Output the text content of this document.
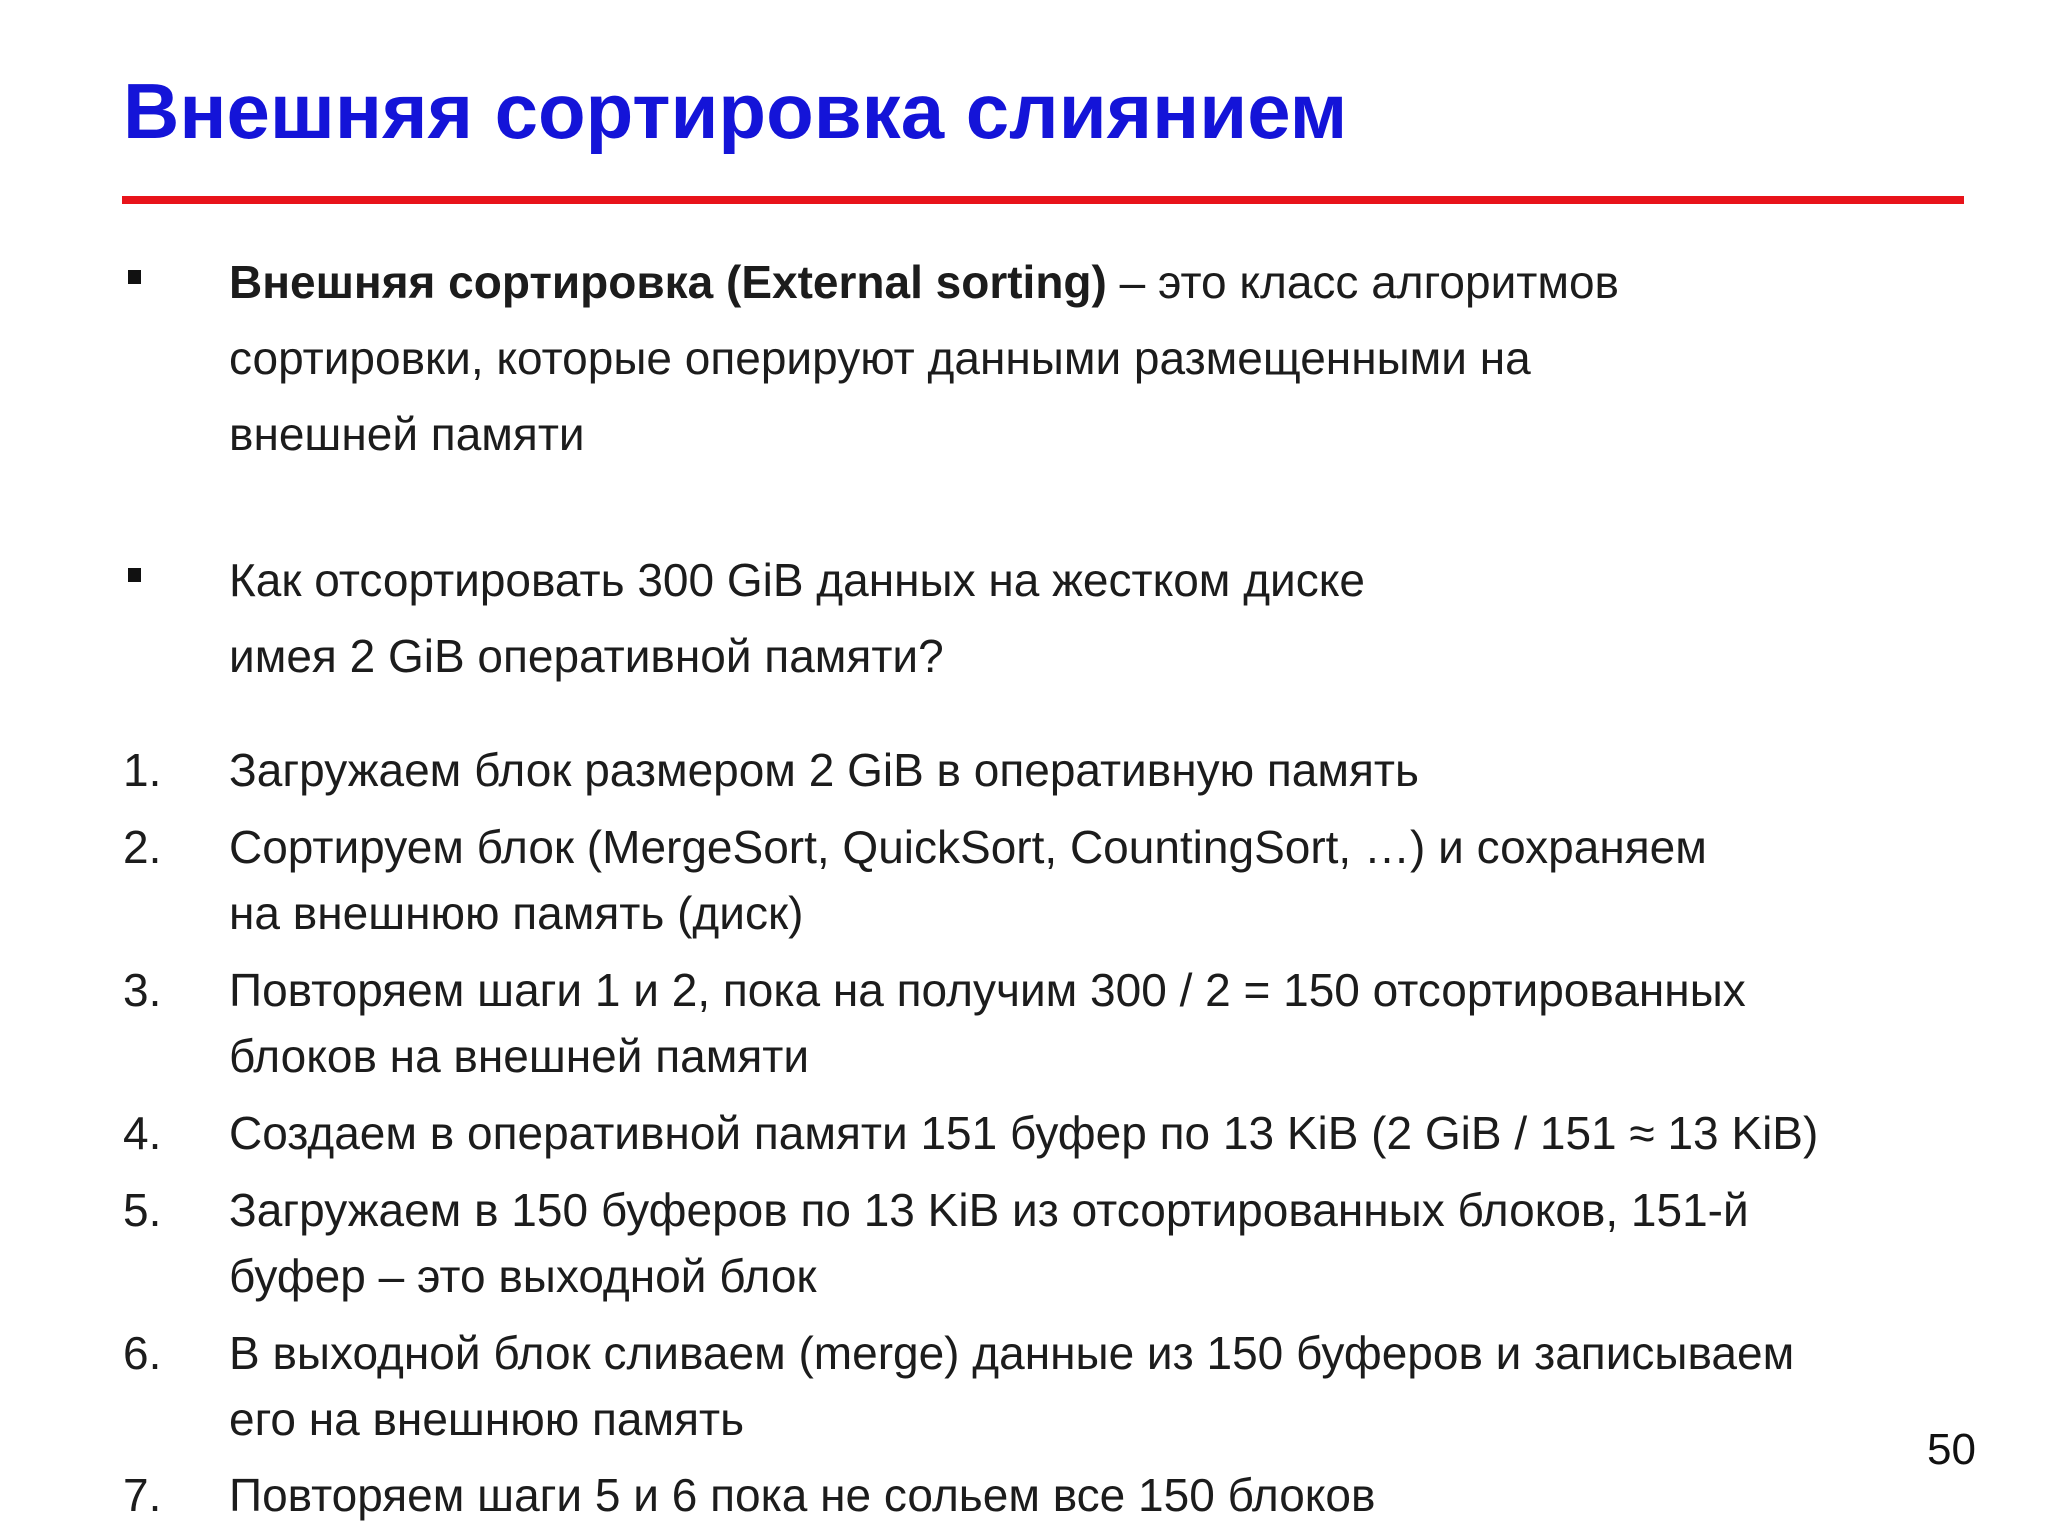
Внешняя сортировка слиянием
Внешняя сортировка (External sorting) – это класс алгоритмов
сортировки, которые оперируют данными размещенными на
внешней памяти
Как отсортировать 300 GiB данных на жестком диске
имея 2 GiB оперативной памяти?
1. Загружаем блок размером 2 GiB в оперативную память
2. Сортируем блок (MergeSort, QuickSort, CountingSort, …) и сохраняем
на внешнюю память (диск)
3. Повторяем шаги 1 и 2, пока на получим 300 / 2 = 150 отсортированных
блоков на внешней памяти
4. Создаем в оперативной памяти 151 буфер по 13 KiB (2 GiB / 151 ≈ 13 KiB)
5. Загружаем в 150 буферов по 13 KiB из отсортированных блоков, 151-й
буфер – это выходной блок
6. В выходной блок сливаем (merge) данные из 150 буферов и записываем
его на внешнюю память
7. Повторяем шаги 5 и 6 пока не сольем все 150 блоков
50
